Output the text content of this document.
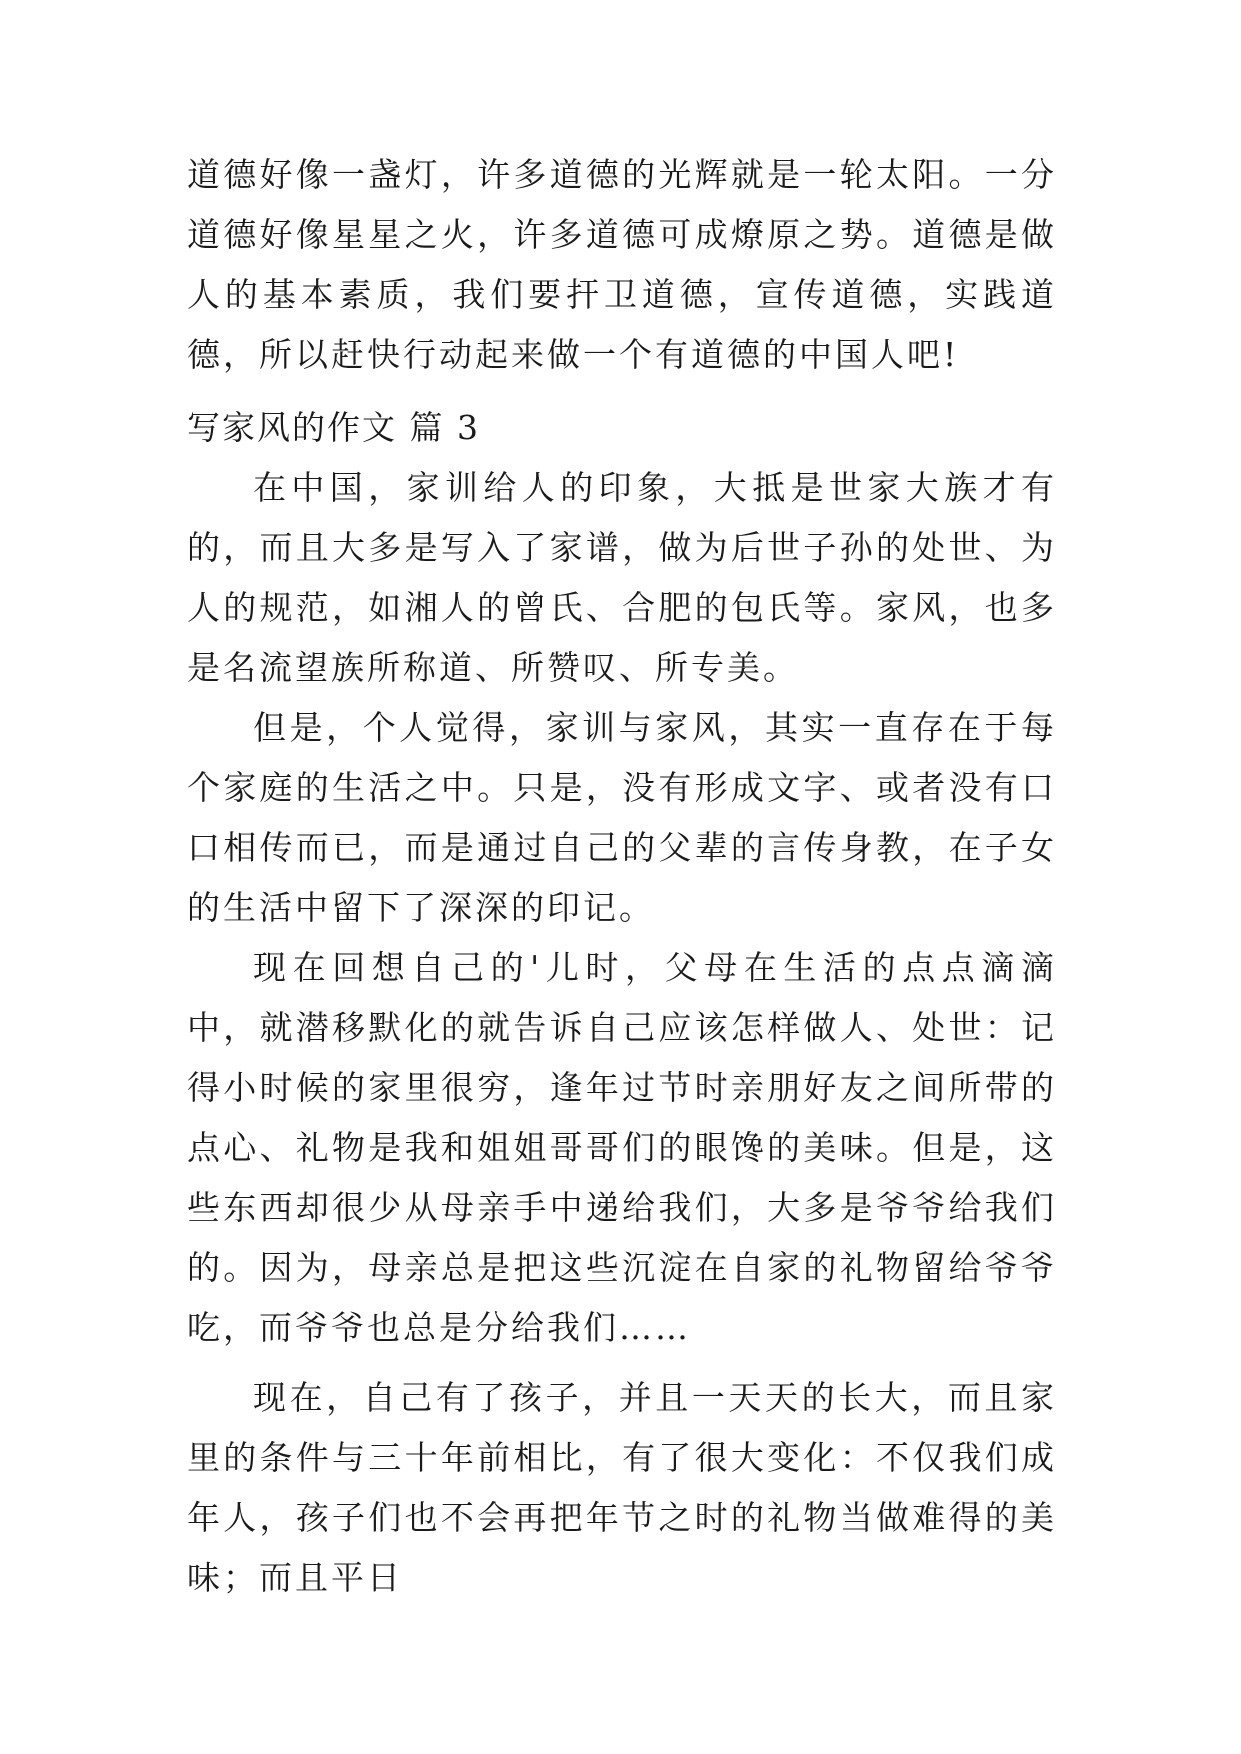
道德好像一盏灯，许多道德的光辉就是一轮太阳。一分道德好像星星之火，许多道德可成燎原之势。道德是做人的基本素质，我们要扞卫道德，宣传道德，实践道德，所以赶快行动起来做一个有道德的中国人吧!

写家风的作文 篇 3

在中国，家训给人的印象，大抵是世家大族才有的，而且大多是写入了家谱，做为后世子孙的处世、为人的规范，如湘人的曾氏、合肥的包氏等。家风，也多是名流望族所称道、所赞叹、所专美。

但是，个人觉得，家训与家风，其实一直存在于每个家庭的生活之中。只是，没有形成文字、或者没有口口相传而已，而是通过自己的父辈的言传身教，在子女的生活中留下了深深的印记。

现在回想自己的'儿时，父母在生活的点点滴滴中，就潜移默化的就告诉自己应该怎样做人、处世：记得小时候的家里很穷，逢年过节时亲朋好友之间所带的点心、礼物是我和姐姐哥哥们的眼馋的美味。但是，这些东西却很少从母亲手中递给我们，大多是爷爷给我们的。因为，母亲总是把这些沉淀在自家的礼物留给爷爷吃，而爷爷也总是分给我们……

现在，自己有了孩子，并且一天天的长大，而且家里的条件与三十年前相比，有了很大变化：不仅我们成年人，孩子们也不会再把年节之时的礼物当做难得的美味；而且平日
